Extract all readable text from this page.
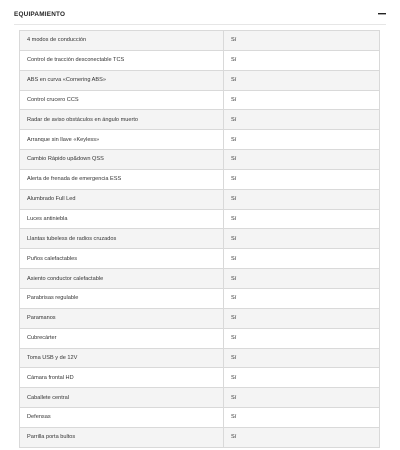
EQUIPAMIENTO
4 modos de conducción	Sí
Control de tracción desconectable TCS	Sí
ABS en curva «Cornering ABS»	Sí
Control crucero CCS	Sí
Radar de aviso obstáculos en ángulo muerto	Sí
Arranque sin llave «Keyless»	Sí
Cambio Rápido up&down QSS	Sí
Alerta de frenada de emergencia ESS	Sí
Alumbrado Full Led	Sí
Luces antiniebla	Sí
Llantas tubeless de radios cruzados	Sí
Puños calefactables	Sí
Asiento conductor calefactable	Sí
Parabrisas regulable	Sí
Paramanos	Sí
Cubrecárter	Sí
Toma USB y de 12V	Sí
Cámara frontal HD	Sí
Caballete central	Sí
Defensas	Sí
Parrilla porta bultos	Sí
